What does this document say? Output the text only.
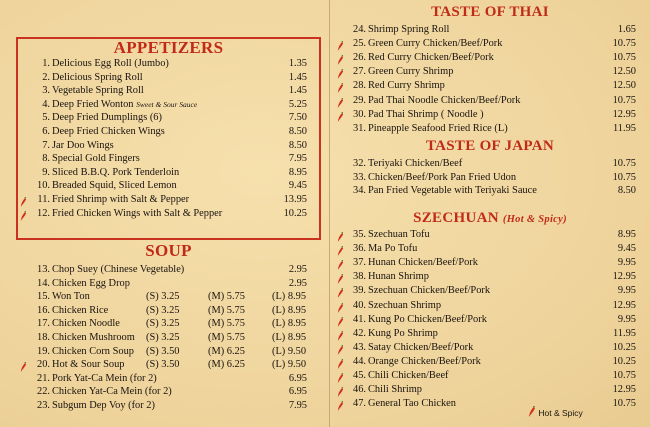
APPETIZERS
SOUP
TASTE OF THAI
TASTE OF JAPAN
SZECHUAN (Hot & Spicy)
1. Delicious Egg Roll (Jumbo)	1.35
2. Delicious Spring Roll	1.45
3. Vegetable Spring Roll	1.45
4. Deep Fried Wonton Sweet & Sour Sauce	5.25
5. Deep Fried Dumplings (6)	7.50
6. Deep Fried Chicken Wings	8.50
7. Jar Doo Wings	8.50
8. Special Gold Fingers	7.95
9. Sliced B.B.Q. Pork Tenderloin	8.95
10. Breaded Squid, Sliced Lemon	9.45
11. Fried Shrimp with Salt & Pepper	13.95
12. Fried Chicken Wings with Salt & Pepper	10.25
13. Chop Suey (Chinese Vegetable)	2.95
14. Chicken Egg Drop	2.95
15. Won Ton	(S) 3.25	(M) 5.75	(L) 8.95
16. Chicken Rice	(S) 3.25	(M) 5.75	(L) 8.95
17. Chicken Noodle	(S) 3.25	(M) 5.75	(L) 8.95
18. Chicken Mushroom (S) 3.25	(M) 5.75	(L) 8.95
19. Chicken Corn Soup (S) 3.50	(M) 6.25	(L) 9.50
20. Hot & Sour Soup (S) 3.50	(M) 6.25	(L) 9.50
21. Pork Yat-Ca Mein (for 2)	6.95
22. Chicken Yat-Ca Mein (for 2)	6.95
23. Subgum Dep Voy (for 2)	7.95
24. Shrimp Spring Roll	1.65
25. Green Curry Chicken/Beef/Pork	10.75
26. Red Curry Chicken/Beef/Pork	10.75
27. Green Curry Shrimp	12.50
28. Red Curry Shrimp	12.50
29. Pad Thai Noodle Chicken/Beef/Pork	10.75
30. Pad Thai Shrimp ( Noodle )	12.95
31. Pineapple Seafood Fried Rice (L)	11.95
32. Teriyaki Chicken/Beef	10.75
33. Chicken/Beef/Pork Pan Fried Udon	10.75
34. Pan Fried Vegetable with Teriyaki Sauce	8.50
35. Szechuan Tofu	8.95
36. Ma Po Tofu	9.45
37. Hunan Chicken/Beef/Pork	9.95
38. Hunan Shrimp	12.95
39. Szechuan Chicken/Beef/Pork	9.95
40. Szechuan Shrimp	12.95
41. Kung Po Chicken/Beef/Pork	9.95
42. Kung Po Shrimp	11.95
43. Satay Chicken/Beef/Pork	10.25
44. Orange Chicken/Beef/Pork	10.25
45. Chili Chicken/Beef	10.75
46. Chili Shrimp	12.95
47. General Tao Chicken	10.75
Hot & Spicy
